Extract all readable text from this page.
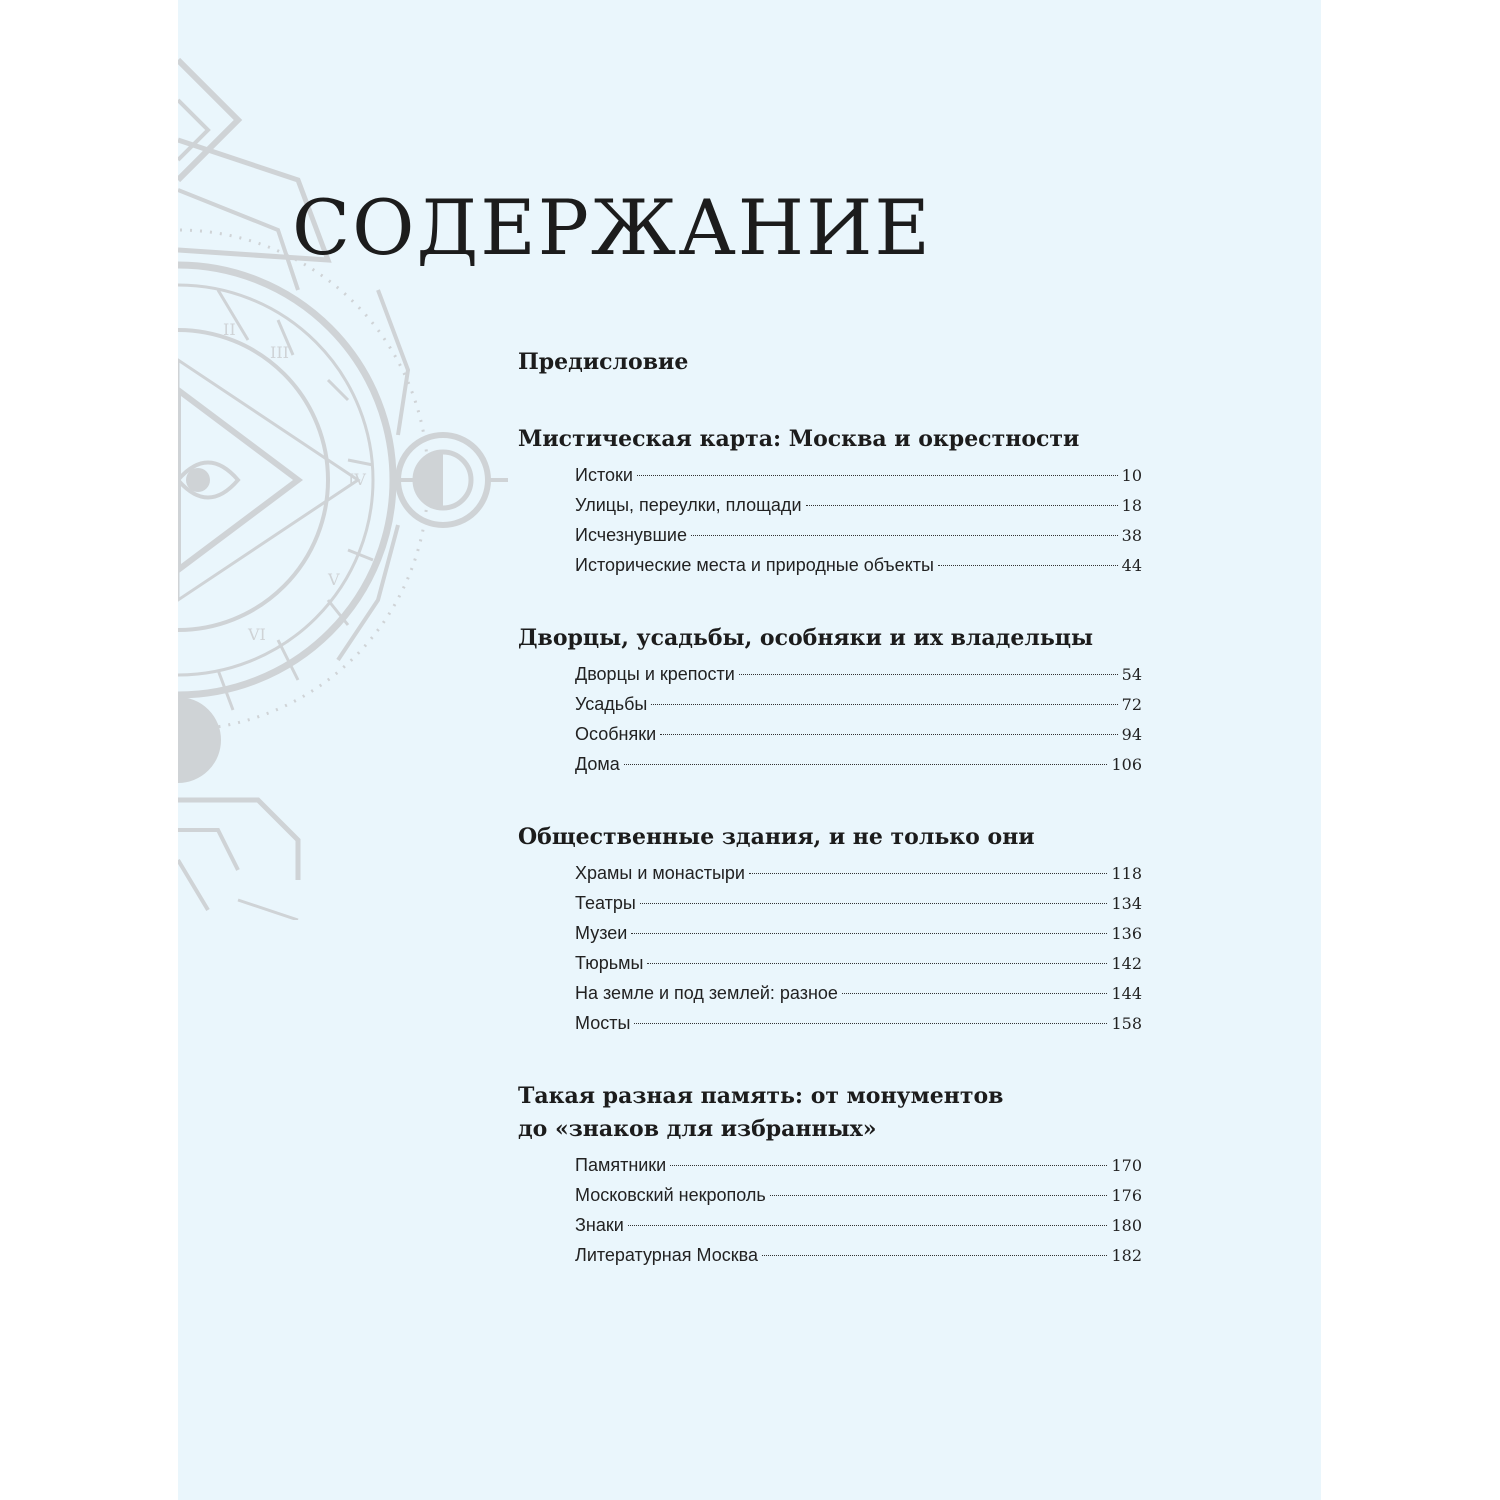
II
III
IV
V
VI
СОДЕРЖАНИЕ

Предисловие

Мистическая карта: Москва и окрестности

Истоки	10
Улицы, переулки, площади	18
Исчезнувшие	38
Исторические места и природные объекты	44

Дворцы, усадьбы, особняки и их владельцы

Дворцы и крепости	54
Усадьбы	72
Особняки	94
Дома	106

Общественные здания, и не только они

Храмы и монастыри	118
Театры	134
Музеи	136
Тюрьмы	142
На земле и под землей: разное	144
Мосты	158

Такая разная память: от монументов

до «знаков для избранных»

Памятники	170
Московский некрополь	176
Знаки	180
Литературная Москва	182
